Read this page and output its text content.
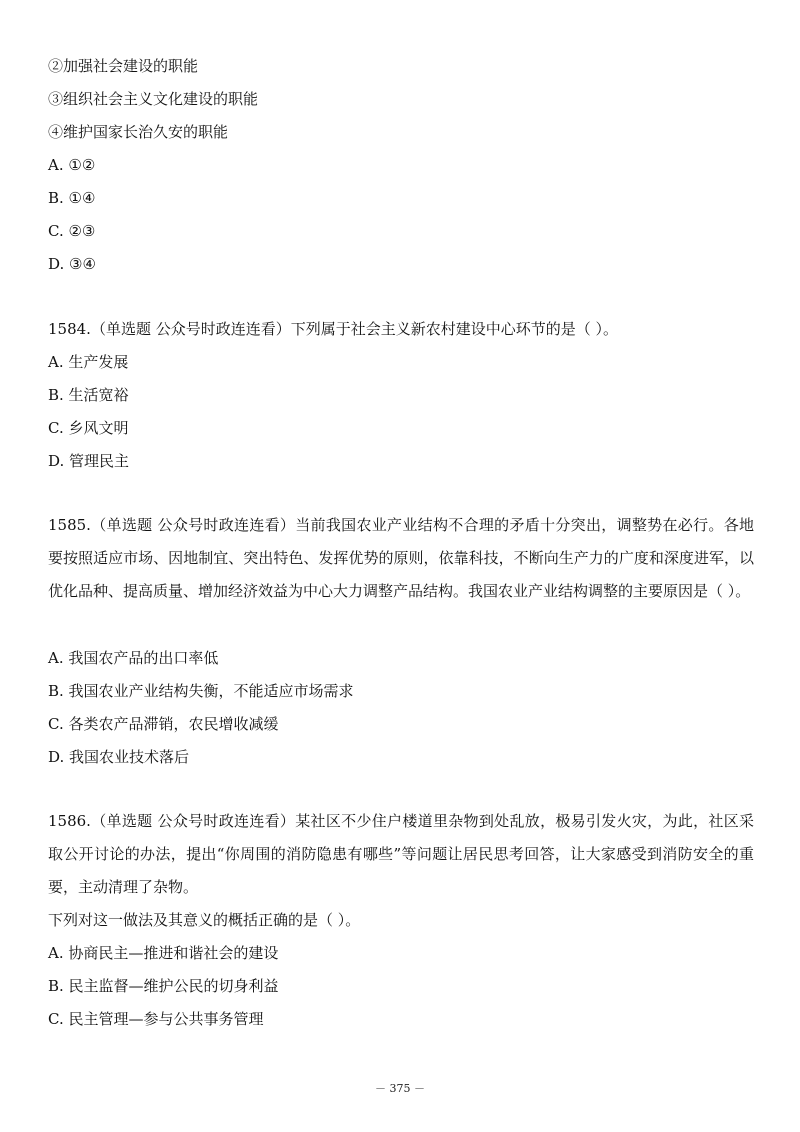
②加强社会建设的职能
③组织社会主义文化建设的职能
④维护国家长治久安的职能
A. ①②
B. ①④
C. ②③
D. ③④
1584.（单选题 公众号时政连连看）下列属于社会主义新农村建设中心环节的是（ ）。
A. 生产发展
B. 生活宽裕
C. 乡风文明
D. 管理民主
1585.（单选题 公众号时政连连看）当前我国农业产业结构不合理的矛盾十分突出，调整势在必行。各地要按照适应市场、因地制宜、突出特色、发挥优势的原则，依靠科技，不断向生产力的广度和深度进军，以优化品种、提高质量、增加经济效益为中心大力调整产品结构。我国农业产业结构调整的主要原因是（ ）。
A. 我国农产品的出口率低
B. 我国农业产业结构失衡，不能适应市场需求
C. 各类农产品滞销，农民增收减缓
D. 我国农业技术落后
1586.（单选题 公众号时政连连看）某社区不少住户楼道里杂物到处乱放，极易引发火灾，为此，社区采取公开讨论的办法，提出“你周围的消防隐患有哪些”等问题让居民思考回答，让大家感受到消防安全的重要，主动清理了杂物。
下列对这一做法及其意义的概括正确的是（ ）。
A. 协商民主—推进和谐社会的建设
B. 民主监督—维护公民的切身利益
C. 民主管理—参与公共事务管理
－ 375 －
